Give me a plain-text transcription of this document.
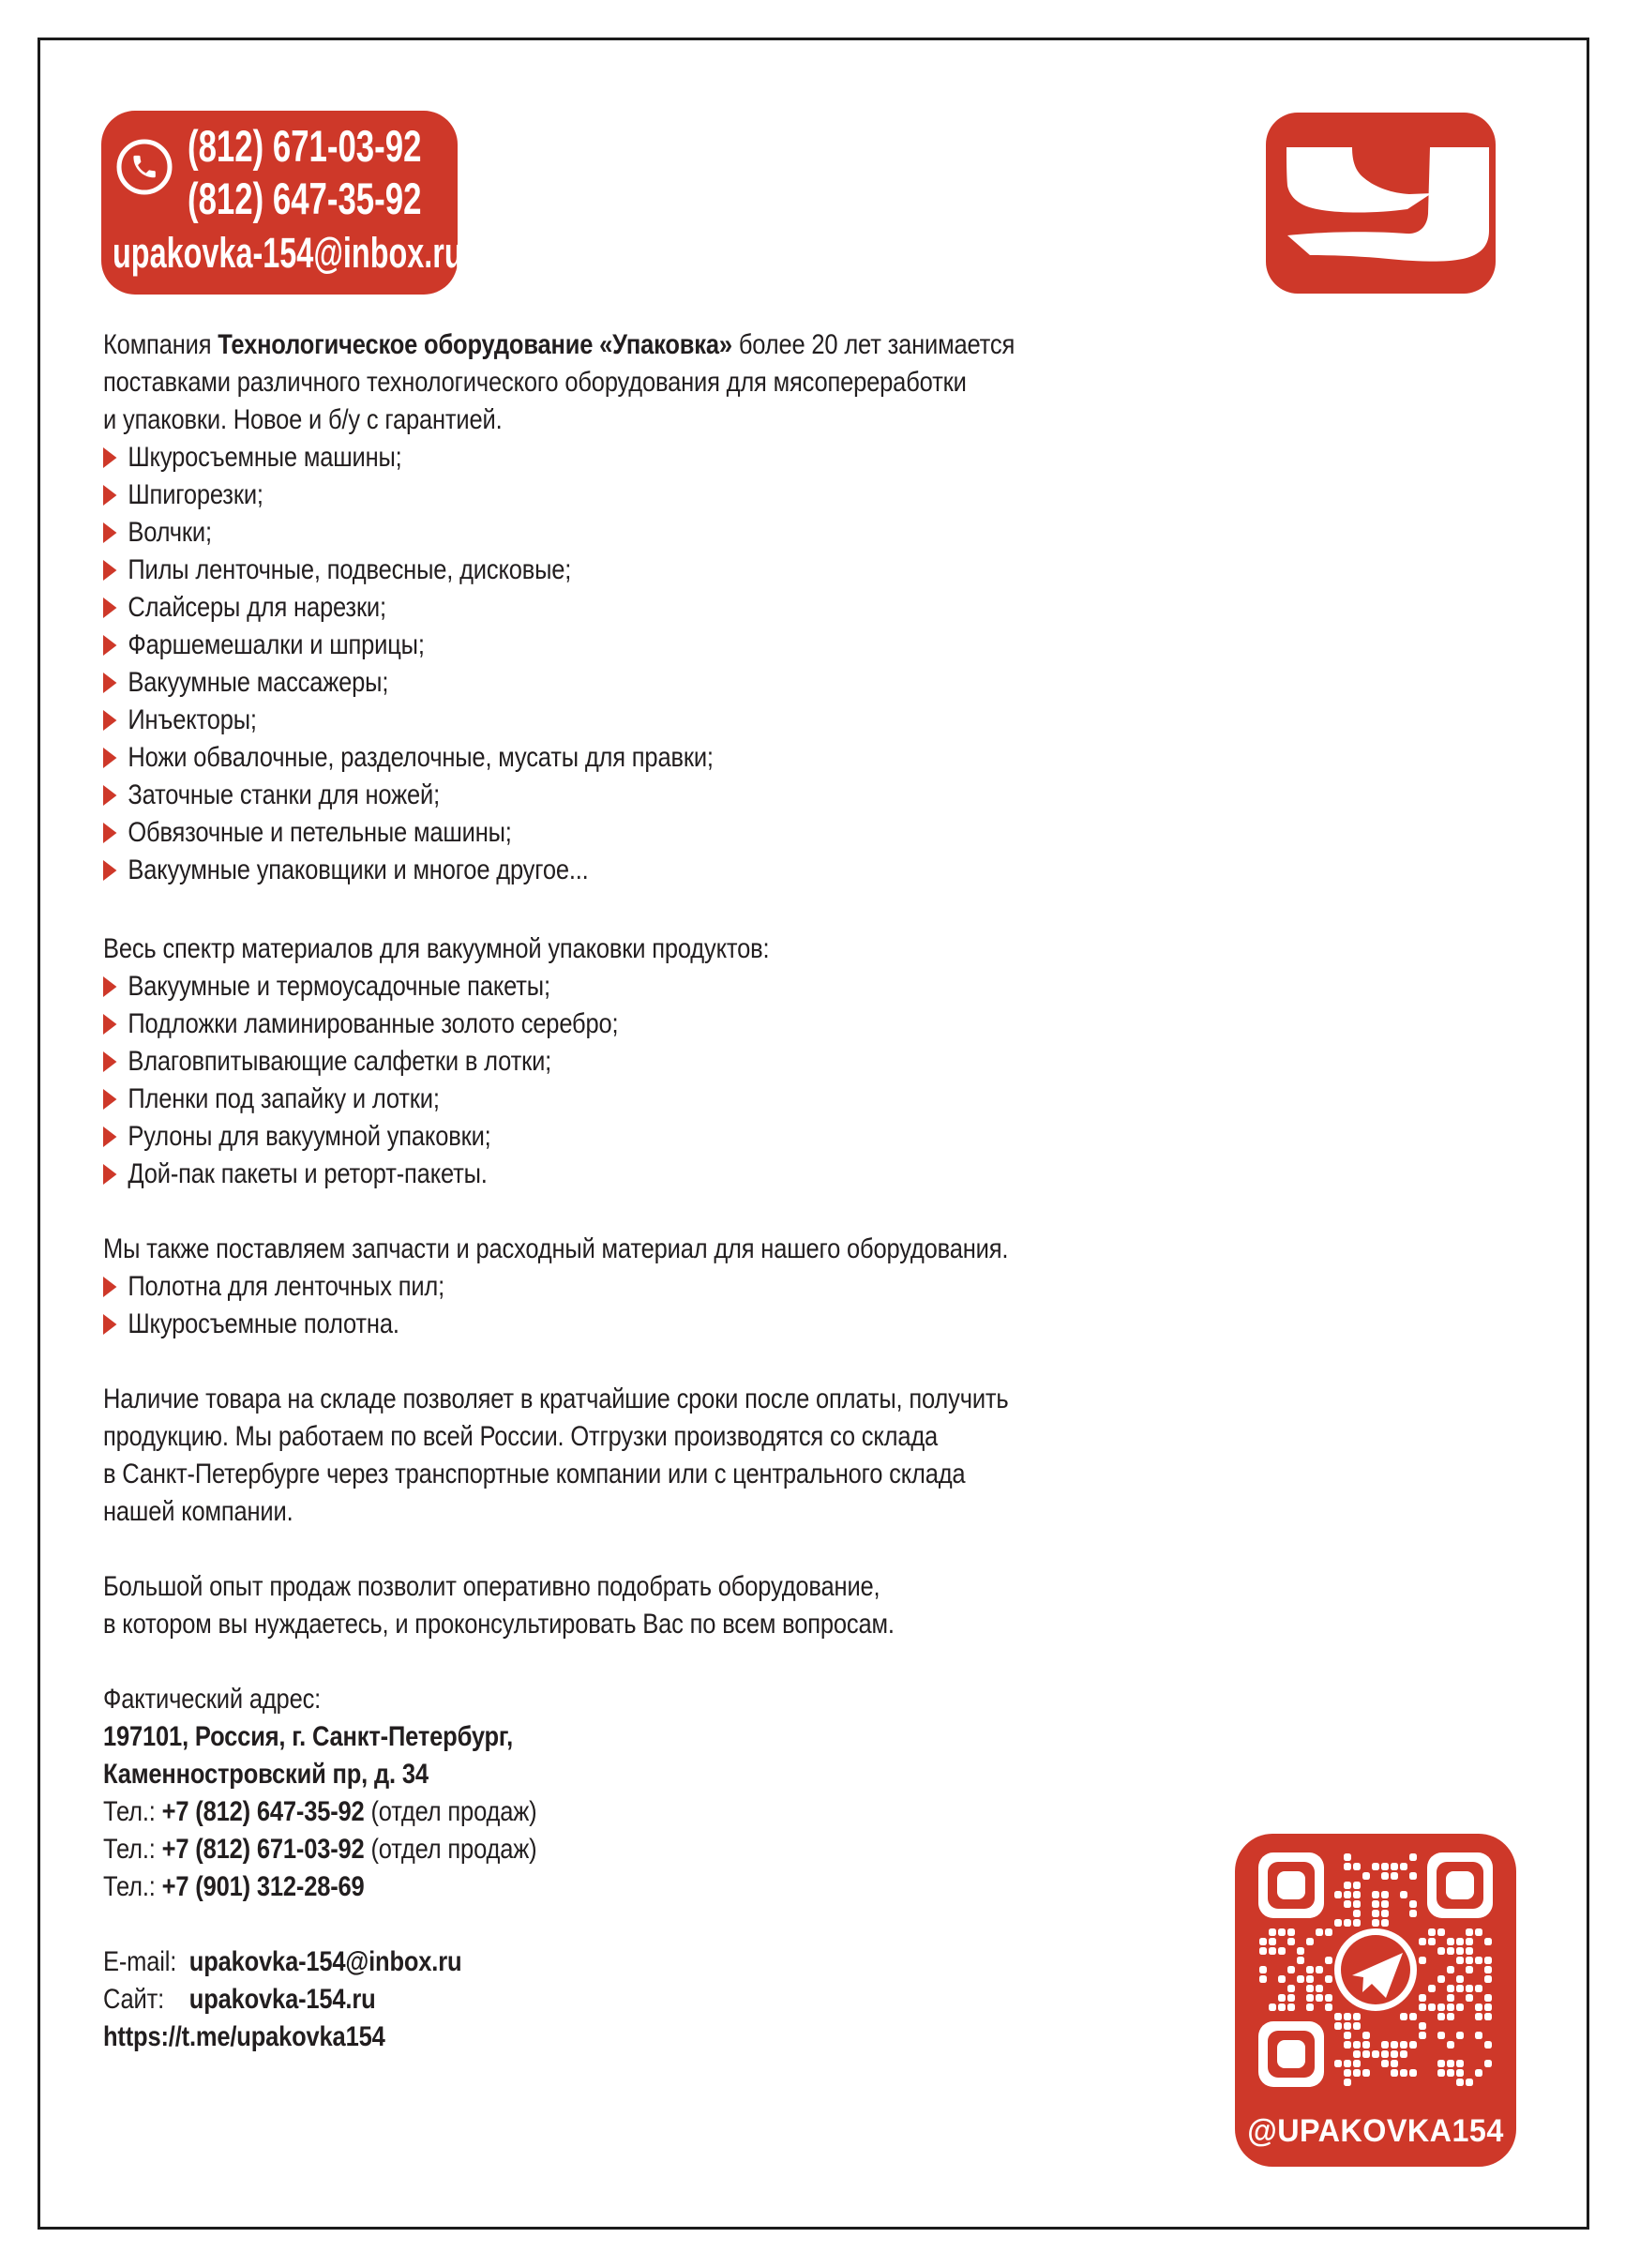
(812) 671-03-92
(812) 647-35-92
upakovka-154@inbox.ru
Компания Технологическое оборудование «Упаковка» более 20 лет занимается
поставками различного технологического оборудования для мясопереработки
и упаковки. Новое и б/у с гарантией.
Шкуросъемные машины;
Шпигорезки;
Волчки;
Пилы ленточные, подвесные, дисковые;
Слайсеры для нарезки;
Фаршемешалки и шприцы;
Вакуумные массажеры;
Инъекторы;
Ножи обвалочные, разделочные, мусаты для правки;
Заточные станки для ножей;
Обвязочные и петельные машины;
Вакуумные упаковщики и многое другое...
Весь спектр материалов для вакуумной упаковки продуктов:
Вакуумные и термоусадочные пакеты;
Подложки ламинированные золото серебро;
Влаговпитывающие салфетки в лотки;
Пленки под запайку и лотки;
Рулоны для вакуумной упаковки;
Дой-пак пакеты и реторт-пакеты.
Мы также поставляем запчасти и расходный материал для нашего оборудования.
Полотна для ленточных пил;
Шкуросъемные полотна.
Наличие товара на складе позволяет в кратчайшие сроки после оплаты, получить
продукцию. Мы работаем по всей России. Отгрузки производятся со склада
в Санкт-Петербурге через транспортные компании или с центрального склада
нашей компании.
Большой опыт продаж позволит оперативно подобрать оборудование,
в котором вы нуждаетесь, и проконсультировать Вас по всем вопросам.
Фактический адрес:
197101, Россия, г. Санкт-Петербург,
Каменностровский пр, д. 34
Тел.: +7 (812) 647-35-92 (отдел продаж)
Тел.: +7 (812) 671-03-92 (отдел продаж)
Тел.: +7 (901) 312-28-69
E-mail:upakovka-154@inbox.ru
Сайт: upakovka-154.ru
https://t.me/upakovka154
@UPAKOVKA154
